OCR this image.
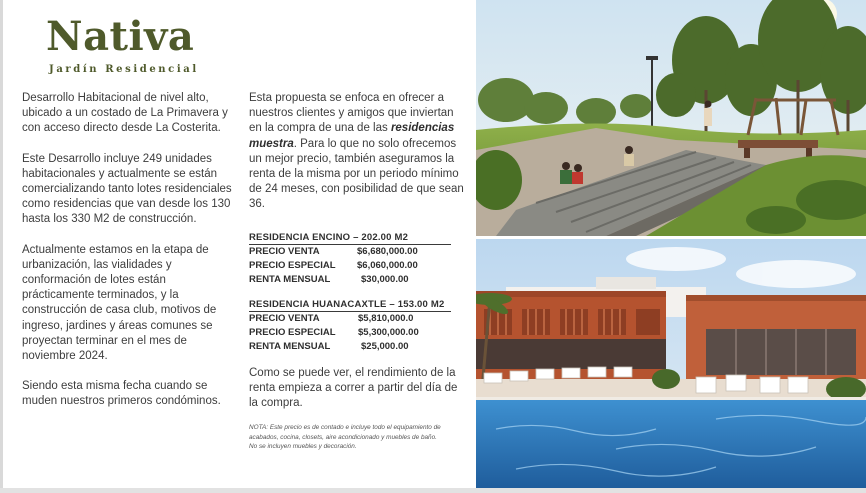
Nativa
Jardín Residencial

Desarrollo Habitacional de nivel alto, ubicado a un costado de La Primavera y con acceso directo desde La Costerita.

Este Desarrollo incluye 249 unidades habitacionales y actualmente se están comercializando tanto lotes residenciales como residencias que van desde los 130 hasta los 330 M2 de construcción.

Actualmente estamos en la etapa de urbanización, las vialidades y conformación de lotes están prácticamente terminados, y la construcción de casa club, motivos de ingreso, jardines y áreas comunes se proyectan terminar en el mes de noviembre 2024.

Siendo esta misma fecha cuando se muden nuestros primeros condóminos.

Esta propuesta se enfoca en ofrecer a nuestros clientes y amigos que inviertan en la compra de una de las residencias muestra. Para lo que no solo ofrecemos un mejor precio, también aseguramos la renta de la misma por un periodo mínimo de 24 meses, con posibilidad de que sean 36.

RESIDENCIA ENCINO – 202.00 M2
PRECIO VENTA	$6,680,000.00
PRECIO ESPECIAL $6,060,000.00
RENTA MENSUAL	$30,000.00
RESIDENCIA HUANACAXTLE – 153.00 M2
PRECIO VENTA	$5,810,000.0
PRECIO ESPECIAL $5,300,000.00
RENTA MENSUAL	$25,000.00
Como se puede ver, el rendimiento de la renta empieza a correr a partir del día de la compra.
NOTA: Este precio es de contado e incluye todo el equipamiento de acabados, cocina, closets, aire acondicionado y muebles de baño. No se incluyen muebles y decoración.
